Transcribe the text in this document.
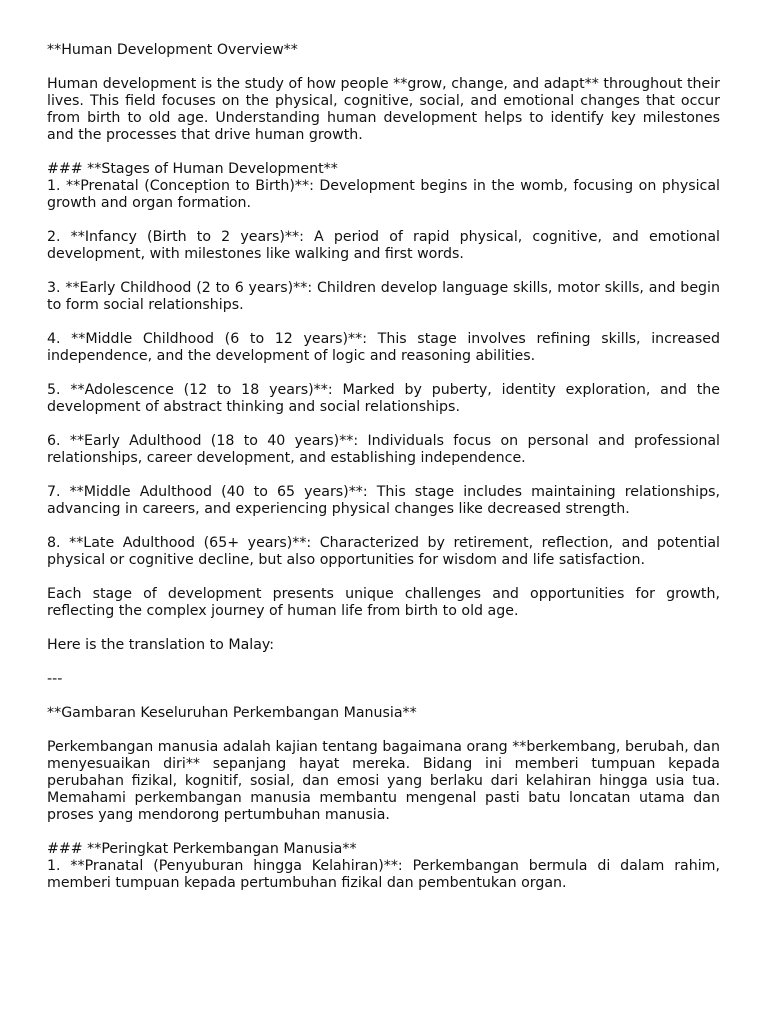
**Human Development Overview**

Human development is the study of how people **grow, change, and adapt** throughout their lives. This field focuses on the physical, cognitive, social, and emotional changes that occur from birth to old age. Understanding human development helps to identify key milestones and the processes that drive human growth.

### **Stages of Human Development**

1. **Prenatal (Conception to Birth)**: Development begins in the womb, focusing on physical growth and organ formation.

2. **Infancy (Birth to 2 years)**: A period of rapid physical, cognitive, and emotional development, with milestones like walking and first words.

3. **Early Childhood (2 to 6 years)**: Children develop language skills, motor skills, and begin to form social relationships.

4. **Middle Childhood (6 to 12 years)**: This stage involves refining skills, increased independence, and the development of logic and reasoning abilities.

5. **Adolescence (12 to 18 years)**: Marked by puberty, identity exploration, and the development of abstract thinking and social relationships.

6. **Early Adulthood (18 to 40 years)**: Individuals focus on personal and professional relationships, career development, and establishing independence.

7. **Middle Adulthood (40 to 65 years)**: This stage includes maintaining relationships, advancing in careers, and experiencing physical changes like decreased strength.

8. **Late Adulthood (65+ years)**: Characterized by retirement, reflection, and potential physical or cognitive decline, but also opportunities for wisdom and life satisfaction.

Each stage of development presents unique challenges and opportunities for growth, reflecting the complex journey of human life from birth to old age.

Here is the translation to Malay:

---

**Gambaran Keseluruhan Perkembangan Manusia**

Perkembangan manusia adalah kajian tentang bagaimana orang **berkembang, berubah, dan menyesuaikan diri** sepanjang hayat mereka. Bidang ini memberi tumpuan kepada perubahan fizikal, kognitif, sosial, dan emosi yang berlaku dari kelahiran hingga usia tua. Memahami perkembangan manusia membantu mengenal pasti batu loncatan utama dan proses yang mendorong pertumbuhan manusia.

### **Peringkat Perkembangan Manusia**

1. **Pranatal (Penyuburan hingga Kelahiran)**: Perkembangan bermula di dalam rahim, memberi tumpuan kepada pertumbuhan fizikal dan pembentukan organ.
